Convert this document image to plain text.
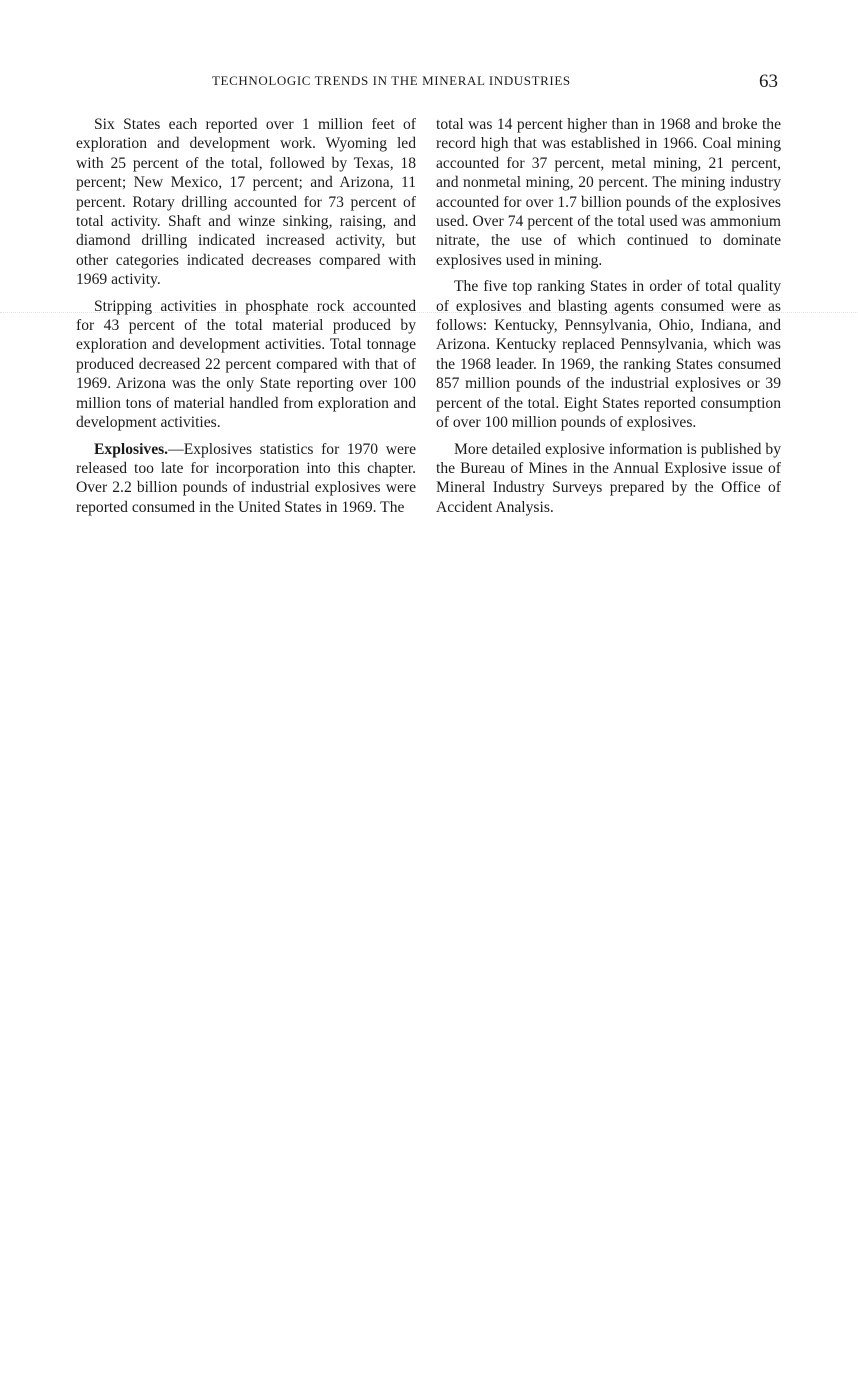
TECHNOLOGIC TRENDS IN THE MINERAL INDUSTRIES	63

Six States each reported over 1 million feet of exploration and development work. Wyoming led with 25 percent of the total, followed by Texas, 18 percent; New Mexico, 17 percent; and Arizona, 11 percent. Rotary drilling accounted for 73 percent of total activity. Shaft and winze sinking, raising, and diamond drilling indicated increased activity, but other categories indicated decreases compared with 1969 activity.

Stripping activities in phosphate rock accounted for 43 percent of the total material produced by exploration and development activities. Total tonnage produced decreased 22 percent compared with that of 1969. Arizona was the only State reporting over 100 million tons of material handled from exploration and development activities.

Explosives.—Explosives statistics for 1970 were released too late for incorporation into this chapter. Over 2.2 billion pounds of industrial explosives were reported consumed in the United States in 1969. The

total was 14 percent higher than in 1968 and broke the record high that was established in 1966. Coal mining accounted for 37 percent, metal mining, 21 percent, and nonmetal mining, 20 percent. The mining industry accounted for over 1.7 billion pounds of the explosives used. Over 74 percent of the total used was ammonium nitrate, the use of which continued to dominate explosives used in mining.

The five top ranking States in order of total quality of explosives and blasting agents consumed were as follows: Kentucky, Pennsylvania, Ohio, Indiana, and Arizona. Kentucky replaced Pennsylvania, which was the 1968 leader. In 1969, the ranking States consumed 857 million pounds of the industrial explosives or 39 percent of the total. Eight States reported consumption of over 100 million pounds of explosives.

More detailed explosive information is published by the Bureau of Mines in the Annual Explosive issue of Mineral Industry Surveys prepared by the Office of Accident Analysis.
